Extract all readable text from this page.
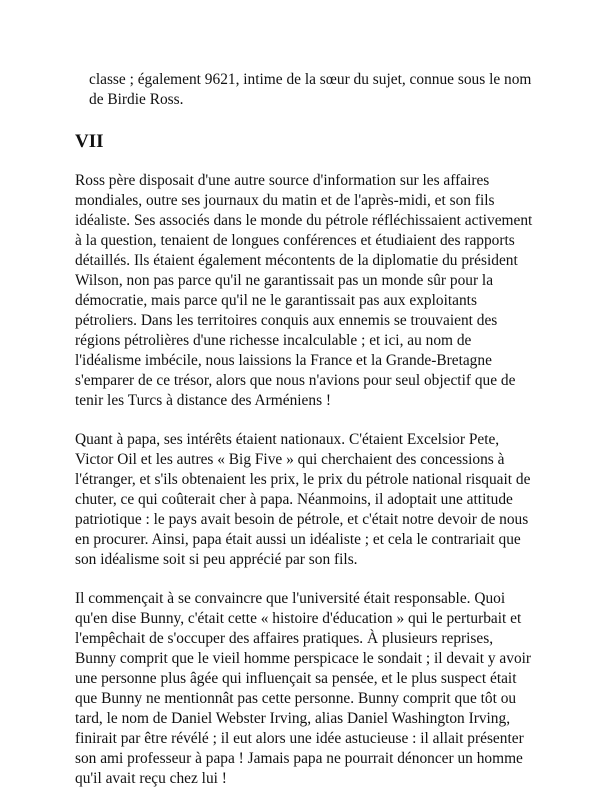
classe ; également 9621, intime de la sœur du sujet, connue sous le nom de Birdie Ross.

VII

Ross père disposait d'une autre source d'information sur les affaires mondiales, outre ses journaux du matin et de l'après-midi, et son fils idéaliste. Ses associés dans le monde du pétrole réfléchissaient activement à la question, tenaient de longues conférences et étudiaient des rapports détaillés. Ils étaient également mécontents de la diplomatie du président Wilson, non pas parce qu'il ne garantissait pas un monde sûr pour la démocratie, mais parce qu'il ne le garantissait pas aux exploitants pétroliers. Dans les territoires conquis aux ennemis se trouvaient des régions pétrolières d'une richesse incalculable ; et ici, au nom de l'idéalisme imbécile, nous laissions la France et la Grande-Bretagne s'emparer de ce trésor, alors que nous n'avions pour seul objectif que de tenir les Turcs à distance des Arméniens !

Quant à papa, ses intérêts étaient nationaux. C'étaient Excelsior Pete, Victor Oil et les autres « Big Five » qui cherchaient des concessions à l'étranger, et s'ils obtenaient les prix, le prix du pétrole national risquait de chuter, ce qui coûterait cher à papa. Néanmoins, il adoptait une attitude patriotique : le pays avait besoin de pétrole, et c'était notre devoir de nous en procurer. Ainsi, papa était aussi un idéaliste ; et cela le contrariait que son idéalisme soit si peu apprécié par son fils.

Il commençait à se convaincre que l'université était responsable. Quoi qu'en dise Bunny, c'était cette « histoire d'éducation » qui le perturbait et l'empêchait de s'occuper des affaires pratiques. À plusieurs reprises, Bunny comprit que le vieil homme perspicace le sondait ; il devait y avoir une personne plus âgée qui influençait sa pensée, et le plus suspect était que Bunny ne mentionnât pas cette personne. Bunny comprit que tôt ou tard, le nom de Daniel Webster Irving, alias Daniel Washington Irving, finirait par être révélé ; il eut alors une idée astucieuse : il allait présenter son ami professeur à papa ! Jamais papa ne pourrait dénoncer un homme qu'il avait reçu chez lui !
